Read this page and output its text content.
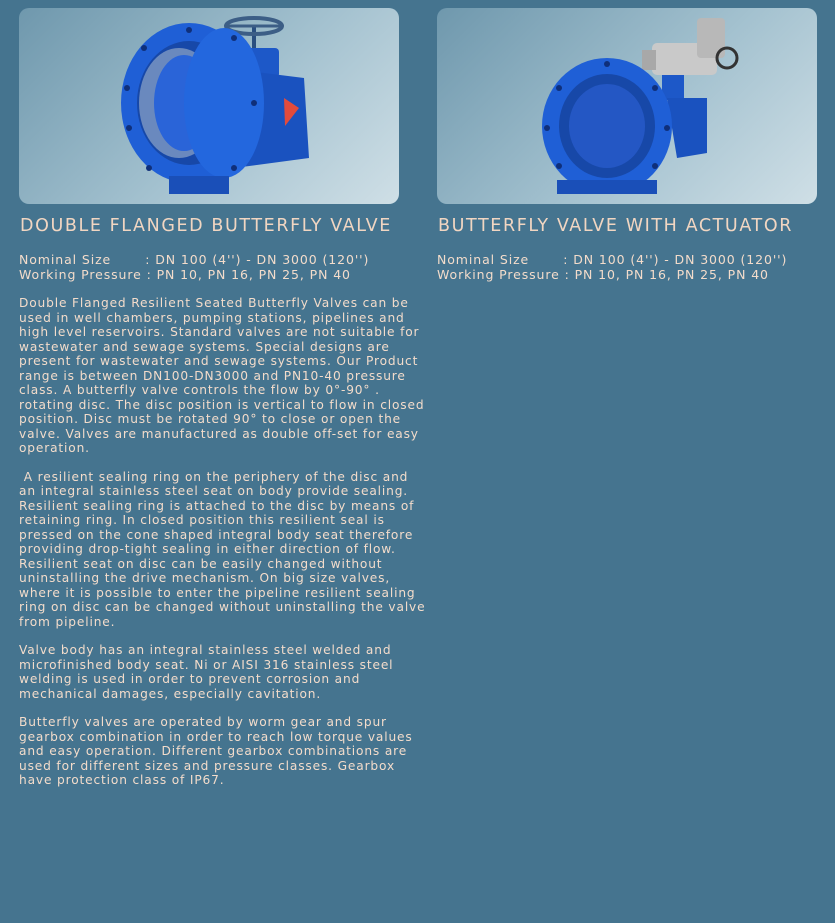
DOUBLE FLANGED BUTTERFLY VALVE
Nominal Size       : DN 100 (4'') - DN 3000 (120'')
Working Pressure : PN 10, PN 16, PN 25, PN 40

Double Flanged Resilient Seated Butterfly Valves can be used in well chambers, pumping stations, pipelines and high level reservoirs. Standard valves are not suitable for wastewater and sewage systems. Special designs are present for wastewater and sewage systems. Our Product range is between DN100-DN3000 and PN10-40 pressure class. A butterfly valve controls the flow by 0°-90° . rotating disc. The disc position is vertical to flow in closed position. Disc must be rotated 90° to close or open the valve. Valves are manufactured as double off-set for easy operation.

A resilient sealing ring on the periphery of the disc and an integral stainless steel seat on body provide sealing. Resilient sealing ring is attached to the disc by means of retaining ring. In closed position this resilient seal is pressed on the cone shaped integral body seat therefore providing drop-tight sealing in either direction of flow. Resilient seat on disc can be easily changed without uninstalling the drive mechanism. On big size valves, where it is possible to enter the pipeline resilient sealing ring on disc can be changed without uninstalling the valve from pipeline.

Valve body has an integral stainless steel welded and microfinished body seat. Ni or AISI 316 stainless steel welding is used in order to prevent corrosion and mechanical damages, especially cavitation.

Butterfly valves are operated by worm gear and spur gearbox combination in order to reach low torque values and easy operation. Different gearbox combinations are used for different sizes and pressure classes. Gearbox have protection class of IP67.

BUTTERFLY VALVE WITH ACTUATOR
Nominal Size       : DN 100 (4'') - DN 3000 (120'')
Working Pressure : PN 10, PN 16, PN 25, PN 40
